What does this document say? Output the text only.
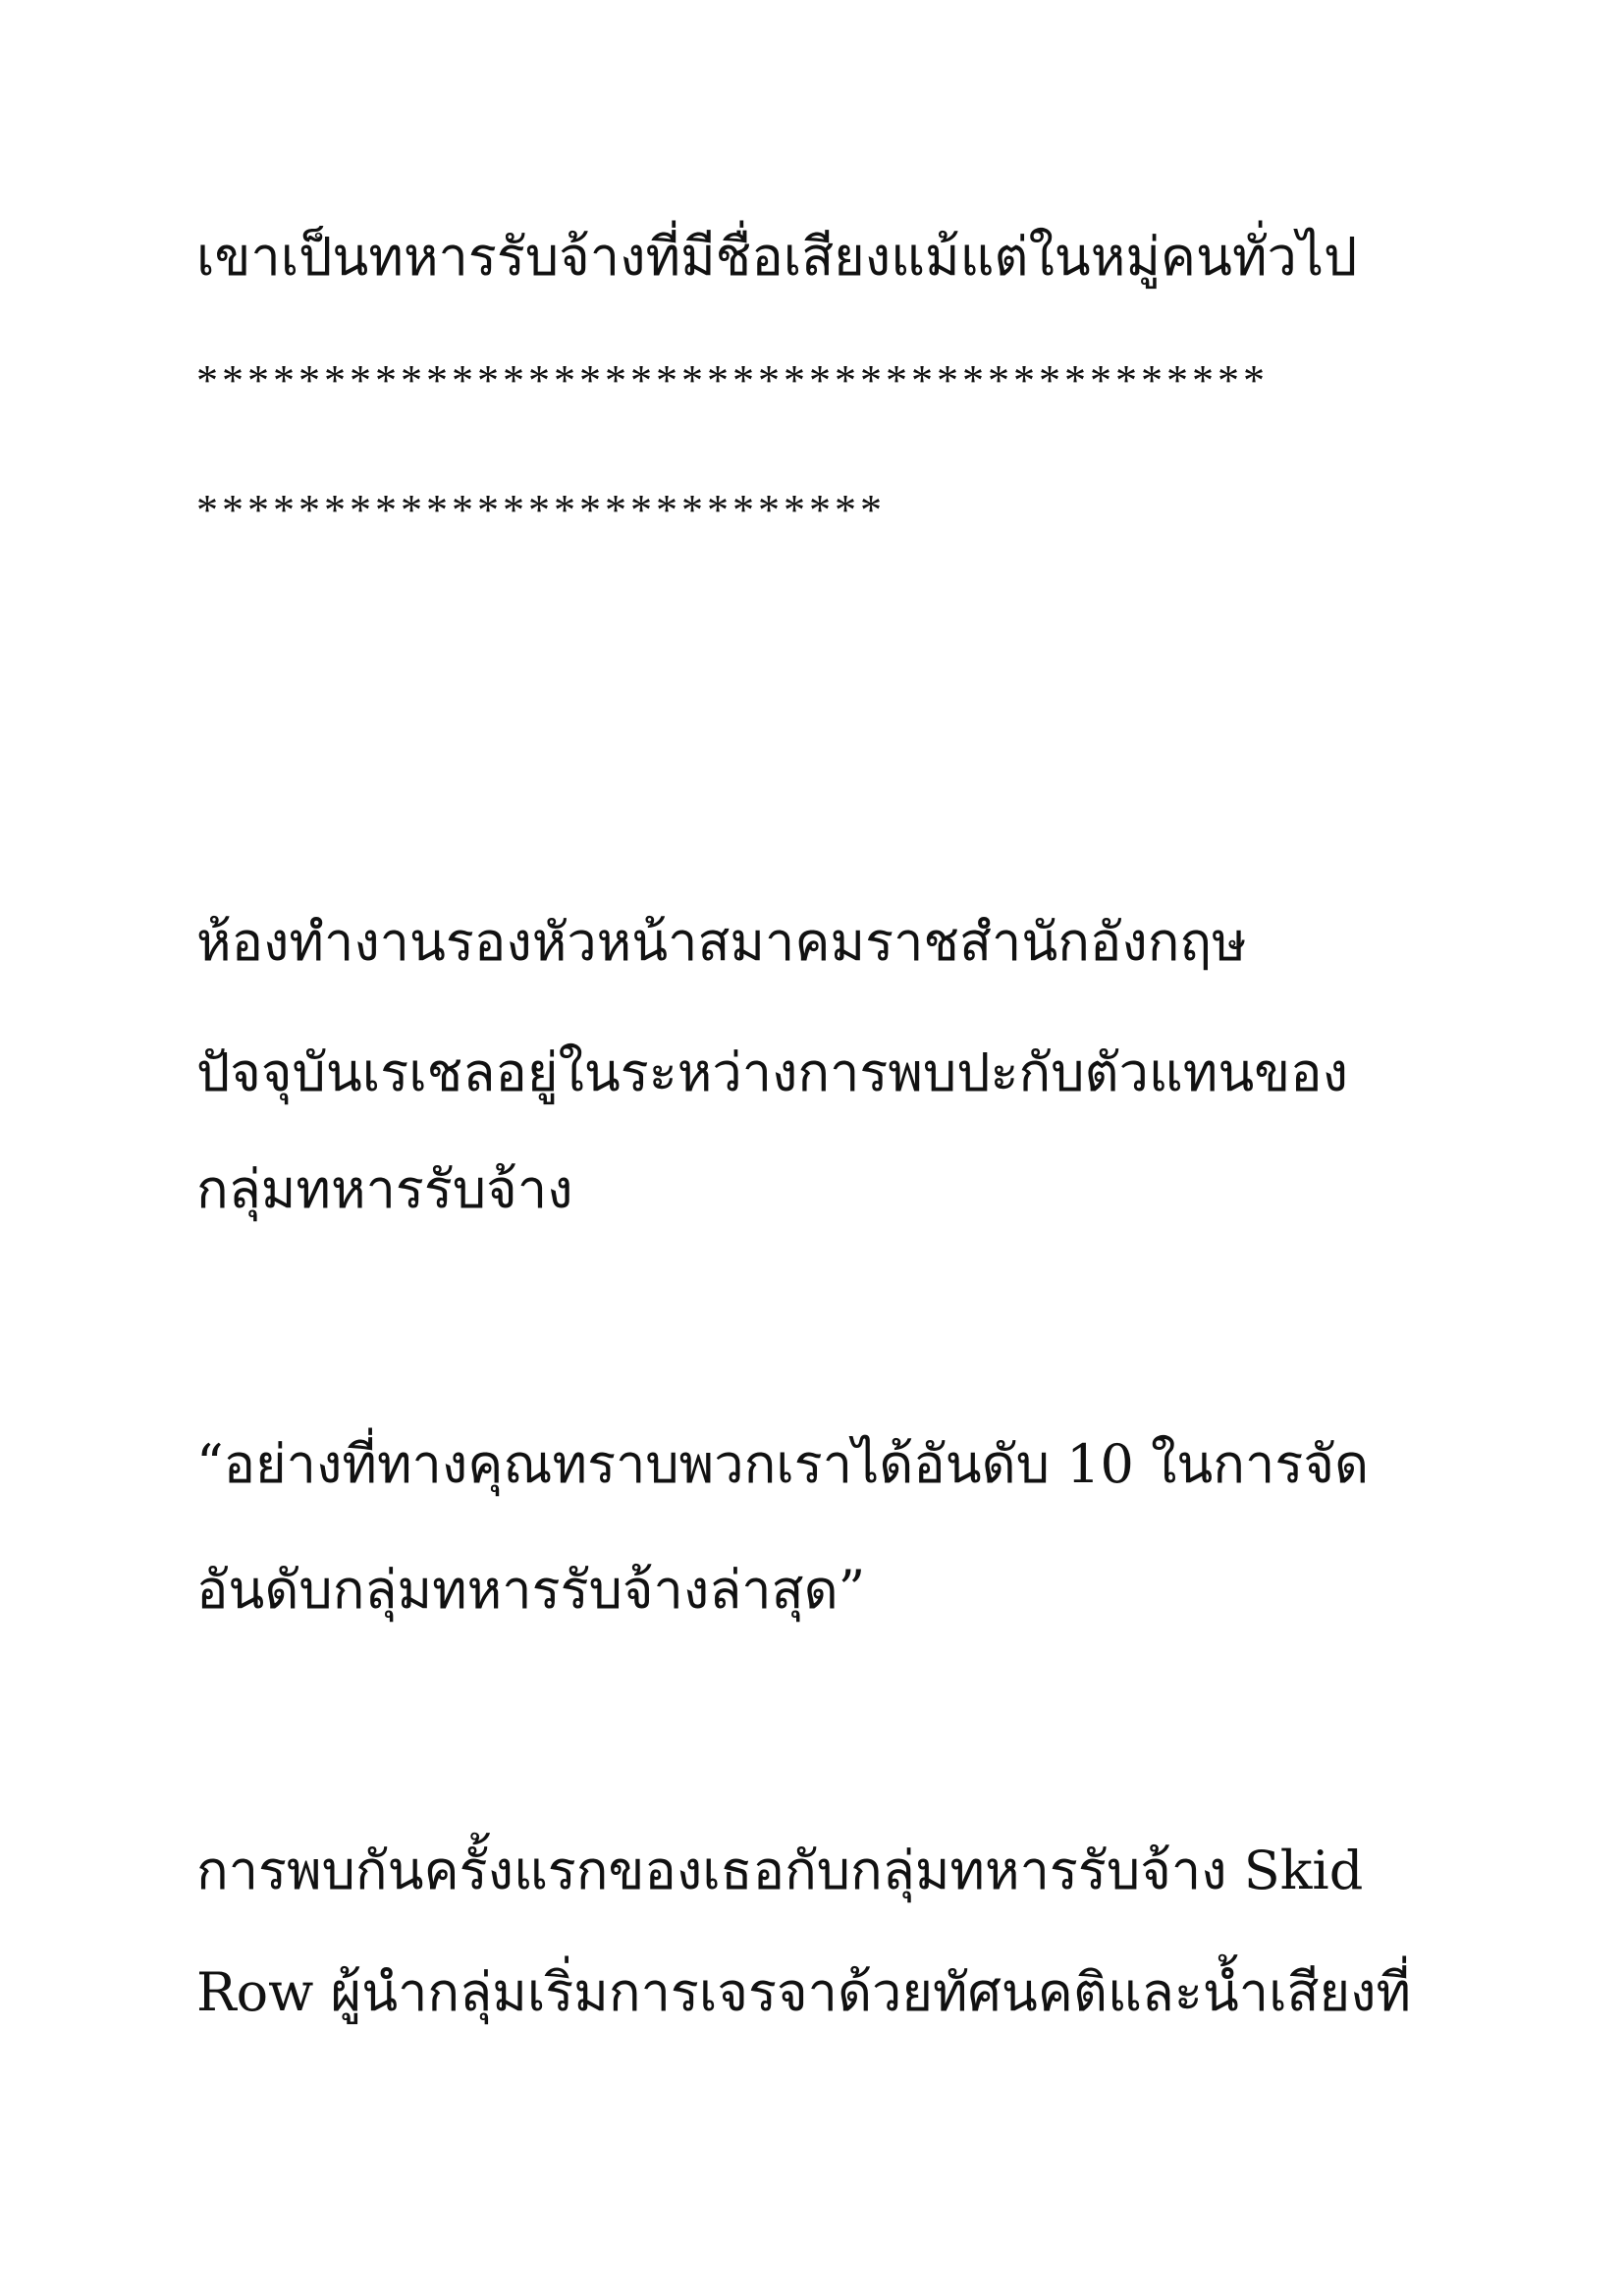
เขาเป็นทหารรับจ้างที่มีชื่อเสียงแม้แต่ในหมู่คนทั่วไป
******************************************
***************************
ห้องทำงานรองหัวหน้าสมาคมราชสำนักอังกฤษ
ปัจจุบันเรเชลอยู่ในระหว่างการพบปะกับตัวแทนของ
กลุ่มทหารรับจ้าง
“อย่างที่ทางคุณทราบพวกเราได้อันดับ 10 ในการจัด
อันดับกลุ่มทหารรับจ้างล่าสุด”
การพบกันครั้งแรกของเธอกับกลุ่มทหารรับจ้าง Skid
Row ผู้นำกลุ่มเริ่มการเจรจาด้วยทัศนคติและน้ำเสียงที่
